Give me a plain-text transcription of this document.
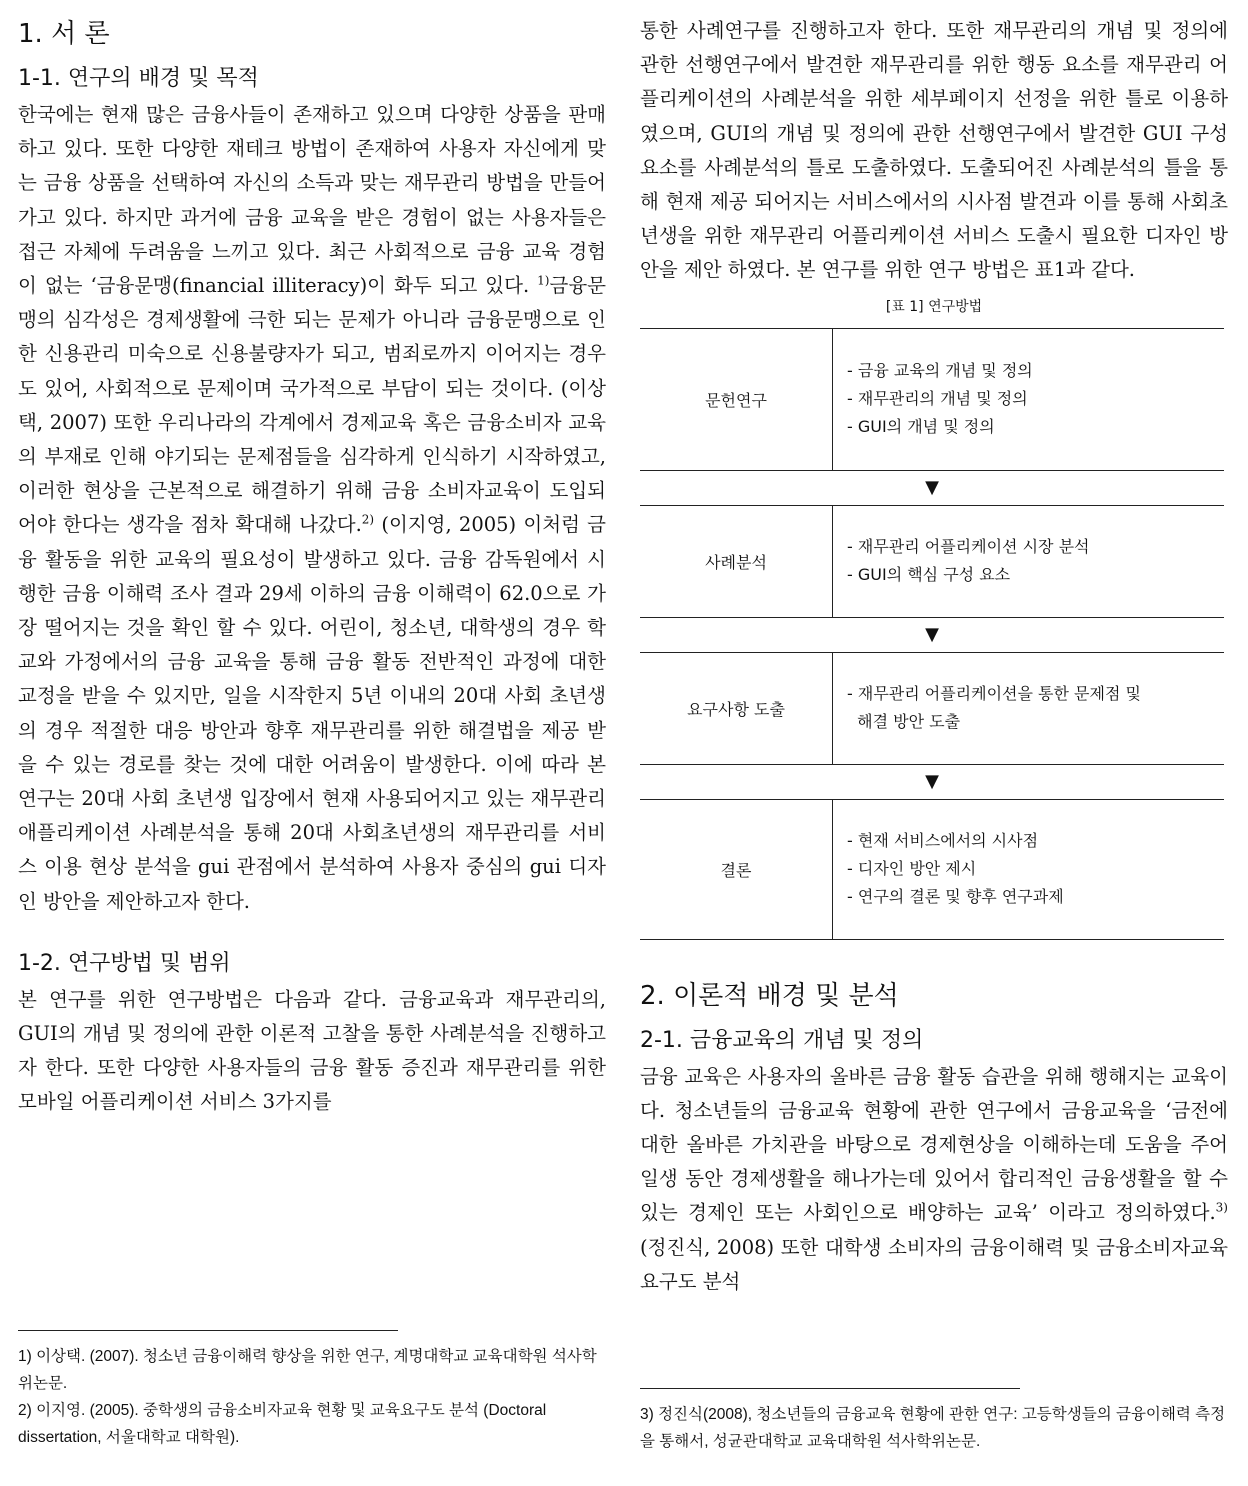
1. 서 론
1-1. 연구의 배경 및 목적

한국에는 현재 많은 금융사들이 존재하고 있으며 다양한 상품을 판매하고 있다. 또한 다양한 재테크 방법이 존재하여 사용자 자신에게 맞는 금융 상품을 선택하여 자신의 소득과 맞는 재무관리 방법을 만들어 가고 있다. 하지만 과거에 금융 교육을 받은 경험이 없는 사용자들은 접근 자체에 두려움을 느끼고 있다. 최근 사회적으로 금융 교육 경험이 없는 ‘금융문맹(financial illiteracy)이 화두 되고 있다. $^{1)}$금융문맹의 심각성은 경제생활에 극한 되는 문제가 아니라 금융문맹으로 인한 신용관리 미숙으로 신용불량자가 되고, 범죄로까지 이어지는 경우도 있어, 사회적으로 문제이며 국가적으로 부담이 되는 것이다. (이상택, 2007) 또한 우리나라의 각계에서 경제교육 혹은 금융소비자 교육의 부재로 인해 야기되는 문제점들을 심각하게 인식하기 시작하였고, 이러한 현상을 근본적으로 해결하기 위해 금융 소비자교육이 도입되어야 한다는 생각을 점차 확대해 나갔다.$^{2)}$ (이지영, 2005) 이처럼 금융 활동을 위한 교육의 필요성이 발생하고 있다. 금융 감독원에서 시행한 금융 이해력 조사 결과 29세 이하의 금융 이해력이 62.0으로 가장 떨어지는 것을 확인 할 수 있다. 어린이, 청소년, 대학생의 경우 학교와 가정에서의 금융 교육을 통해 금융 활동 전반적인 과정에 대한 교정을 받을 수 있지만, 일을 시작한지 5년 이내의 20대 사회 초년생의 경우 적절한 대응 방안과 향후 재무관리를 위한 해결법을 제공 받을 수 있는 경로를 찾는 것에 대한 어려움이 발생한다. 이에 따라 본 연구는 20대 사회 초년생 입장에서 현재 사용되어지고 있는 재무관리 애플리케이션 사례분석을 통해 20대 사회초년생의 재무관리를 서비스 이용 현상 분석을 gui 관점에서 분석하여 사용자 중심의 gui 디자인 방안을 제안하고자 한다.

1-2. 연구방법 및 범위

본 연구를 위한 연구방법은 다음과 같다. 금융교육과 재무관리의, GUI의 개념 및 정의에 관한 이론적 고찰을 통한 사례분석을 진행하고자 한다. 또한 다양한 사용자들의 금융 활동 증진과 재무관리를 위한 모바일 어플리케이션 서비스 3가지를

1) 이상택. (2007). 청소년 금융이해력 향상을 위한 연구, 계명대학교 교육대학원 석사학위논문.

2) 이지영. (2005). 중학생의 금융소비자교육 현황 및 교육요구도 분석 (Doctoral dissertation, 서울대학교 대학원).

통한 사례연구를 진행하고자 한다. 또한 재무관리의 개념 및 정의에 관한 선행연구에서 발견한 재무관리를 위한 행동 요소를 재무관리 어플리케이션의 사례분석을 위한 세부페이지 선정을 위한 틀로 이용하였으며, GUI의 개념 및 정의에 관한 선행연구에서 발견한 GUI 구성요소를 사례분석의 틀로 도출하였다. 도출되어진 사례분석의 틀을 통해 현재 제공 되어지는 서비스에서의 시사점 발견과 이를 통해 사회초년생을 위한 재무관리 어플리케이션 서비스 도출시 필요한 디자인 방안을 제안 하였다. 본 연구를 위한 연구 방법은 표1과 같다.

[표 1] 연구방법
문헌연구	- 금융 교육의 개념 및 정의
- 재무관리의 개념 및 정의
- GUI의 개념 및 정의

▼	
사례분석	- 재무관리 어플리케이션 시장 분석
- GUI의 핵심 구성 요소

▼	
요구사항 도출	- 재무관리 어플리케이션을 통한 문제점 및
해결 방안 도출

▼	
결론	- 현재 서비스에서의 시사점
- 디자인 방안 제시
- 연구의 결론 및 향후 연구과제
2. 이론적 배경 및 분석
2-1. 금융교육의 개념 및 정의

금융 교육은 사용자의 올바른 금융 활동 습관을 위해 행해지는 교육이다. 청소년들의 금융교육 현황에 관한 연구에서 금융교육을 ‘금전에 대한 올바른 가치관을 바탕으로 경제현상을 이해하는데 도움을 주어 일생 동안 경제생활을 해나가는데 있어서 합리적인 금융생활을 할 수 있는 경제인 또는 사회인으로 배양하는 교육’ 이라고 정의하였다.$^{3)}$ (정진식, 2008) 또한 대학생 소비자의 금융이해력 및 금융소비자교육 요구도 분석

3) 정진식(2008), 청소년들의 금융교육 현황에 관한 연구: 고등학생들의 금융이해력 측정을 통해서, 성균관대학교 교육대학원 석사학위논문.
